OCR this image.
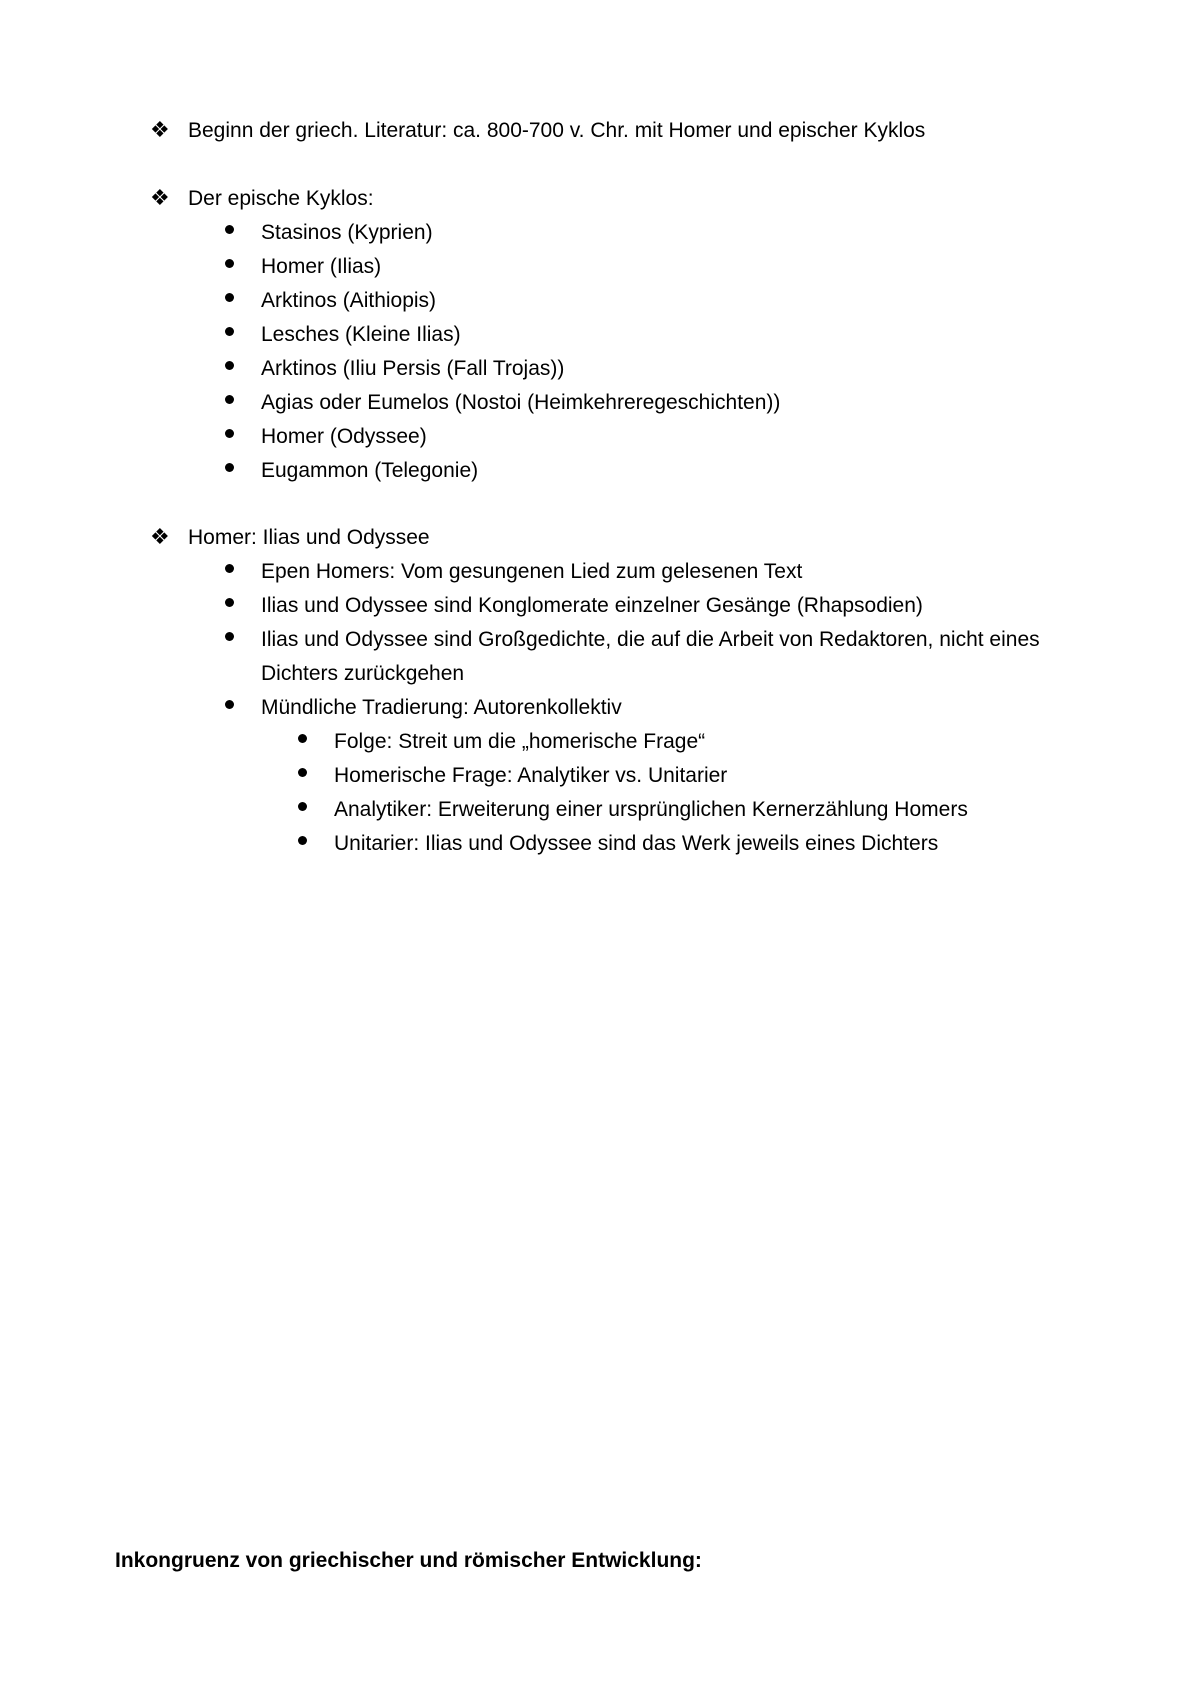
❖ Beginn der griech. Literatur: ca. 800-700 v. Chr. mit Homer und epischer Kyklos
❖ Der epische Kyklos:
Stasinos (Kyprien)
Homer (Ilias)
Arktinos (Aithiopis)
Lesches (Kleine Ilias)
Arktinos (Iliu Persis (Fall Trojas))
Agias oder Eumelos (Nostoi (Heimkehreregeschichten))
Homer (Odyssee)
Eugammon (Telegonie)
❖ Homer: Ilias und Odyssee
Epen Homers: Vom gesungenen Lied zum gelesenen Text
Ilias und Odyssee sind Konglomerate einzelner Gesänge (Rhapsodien)
Ilias und Odyssee sind Großgedichte, die auf die Arbeit von Redaktoren, nicht eines
Dichters zurückgehen
Mündliche Tradierung: Autorenkollektiv
Folge: Streit um die „homerische Frage“
Homerische Frage: Analytiker vs. Unitarier
Analytiker: Erweiterung einer ursprünglichen Kernerzählung Homers
Unitarier: Ilias und Odyssee sind das Werk jeweils eines Dichters
Inkongruenz von griechischer und römischer Entwicklung:
